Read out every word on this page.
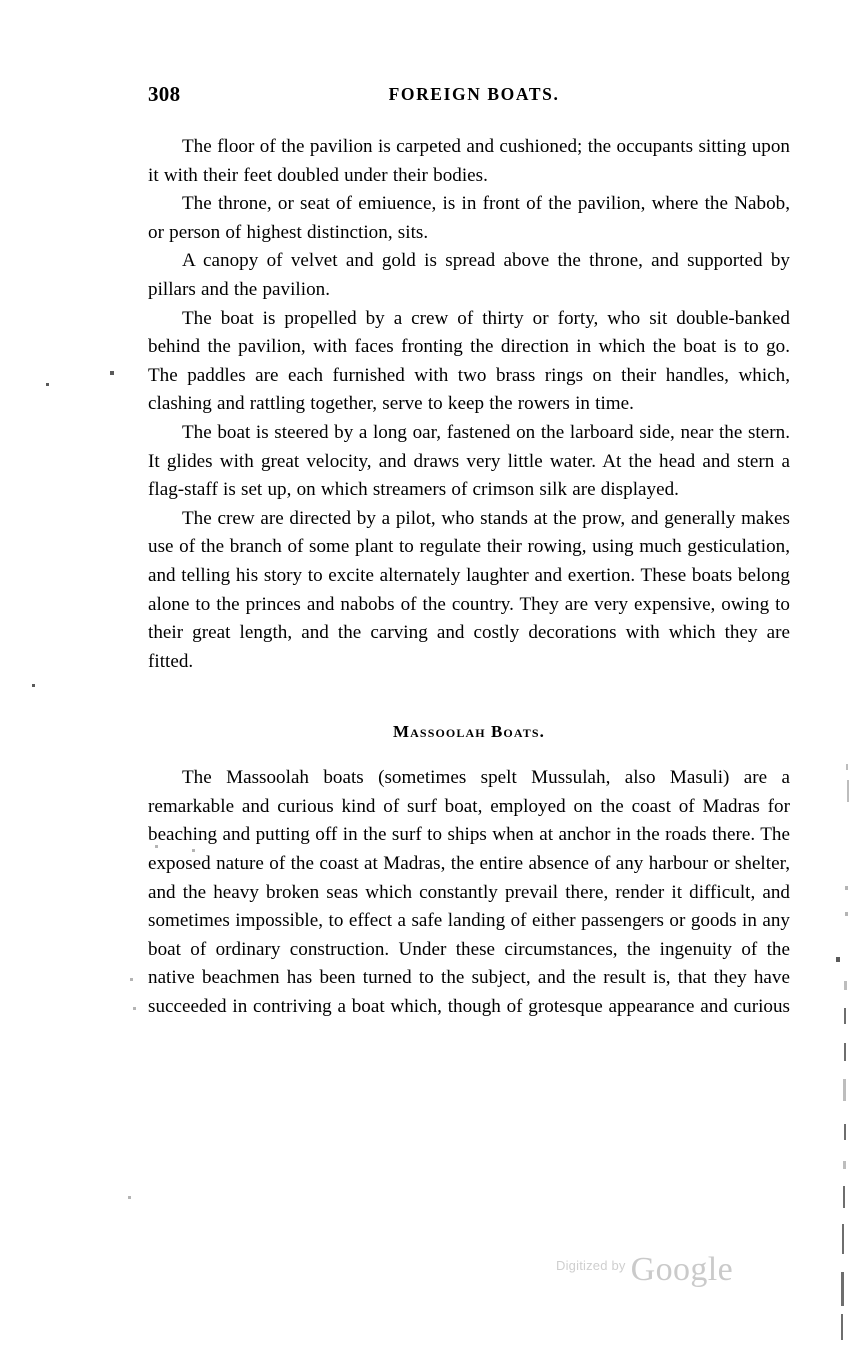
308	FOREIGN BOATS.

The floor of the pavilion is carpeted and cushioned; the occupants sitting upon it with their feet doubled under their bodies.

The throne, or seat of emiuence, is in front of the pavilion, where the Nabob, or person of highest distinction, sits.

A canopy of velvet and gold is spread above the throne, and supported by pillars and the pavilion.

The boat is propelled by a crew of thirty or forty, who sit double-banked behind the pavilion, with faces fronting the direction in which the boat is to go. The paddles are each furnished with two brass rings on their handles, which, clashing and rattling together, serve to keep the rowers in time.

The boat is steered by a long oar, fastened on the larboard side, near the stern. It glides with great velocity, and draws very little water. At the head and stern a flag-staff is set up, on which streamers of crimson silk are displayed.

The crew are directed by a pilot, who stands at the prow, and generally makes use of the branch of some plant to regulate their rowing, using much gesticulation, and telling his story to excite alternately laughter and exertion. These boats belong alone to the princes and nabobs of the country. They are very expensive, owing to their great length, and the carving and costly decorations with which they are fitted.

Massoolah Boats.

The Massoolah boats (sometimes spelt Mussulah, also Masuli) are a remarkable and curious kind of surf boat, employed on the coast of Madras for beaching and putting off in the surf to ships when at anchor in the roads there. The exposed nature of the coast at Madras, the entire absence of any harbour or shelter, and the heavy broken seas which constantly prevail there, render it difficult, and sometimes impossible, to effect a safe landing of either passengers or goods in any boat of ordinary construction. Under these circumstances, the ingenuity of the native beachmen has been turned to the subject, and the result is, that they have succeeded in contriving a boat which, though of grotesque appearance and curious

$^{Digitized by}$ Google
